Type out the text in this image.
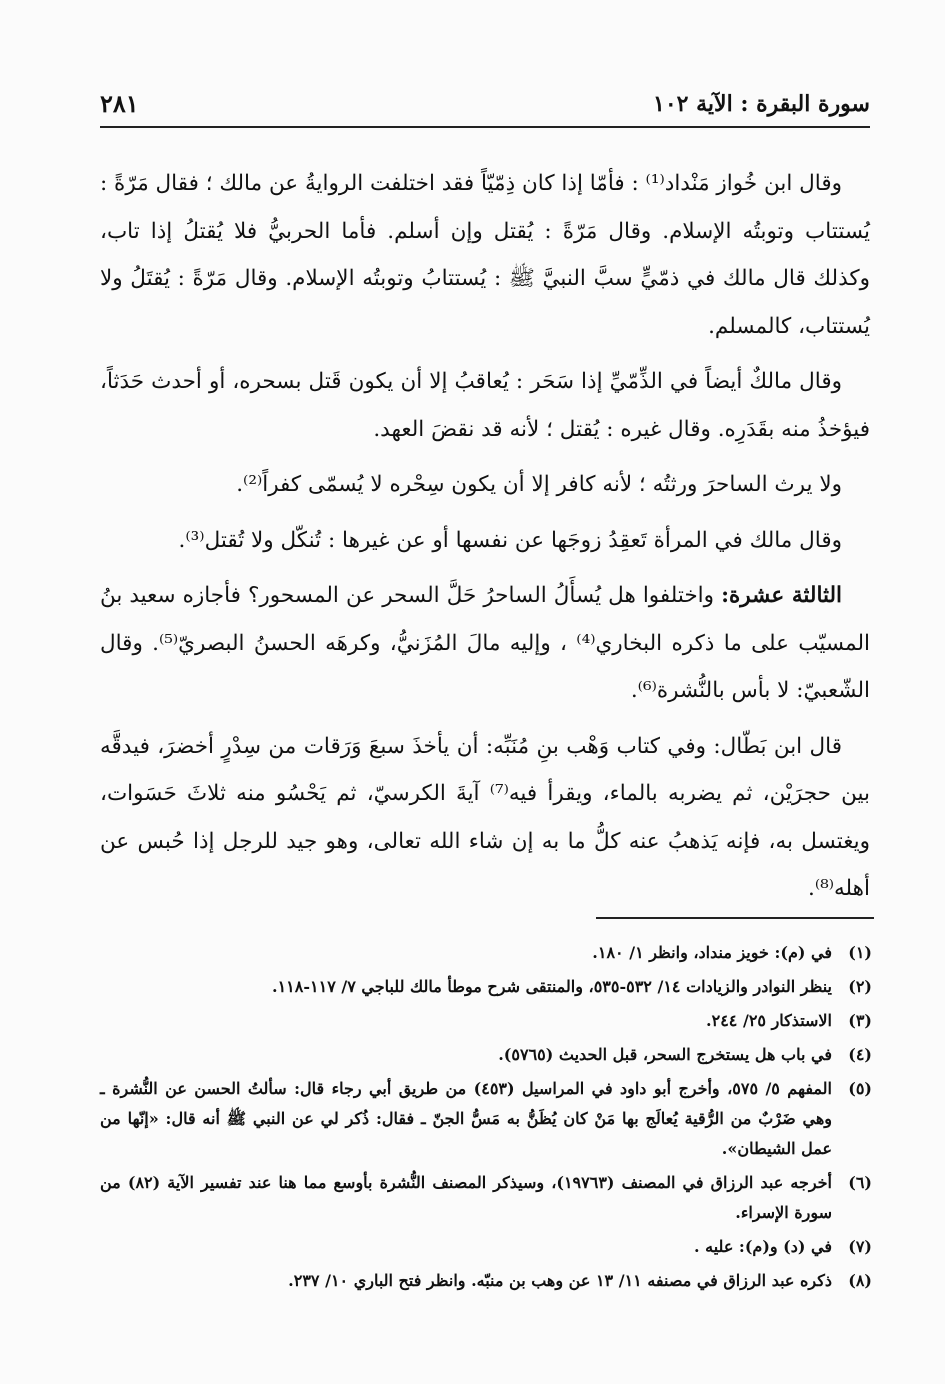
سورة البقرة : الآية ١٠٢
٢٨١

وقال ابن خُواز مَنْداد⁽¹⁾ : فأمّا إذا كان ذِمّيّاً فقد اختلفت الروايةُ عن مالك ؛ فقال مَرّةً : يُستتاب وتوبتُه الإسلام. وقال مَرّةً : يُقتل وإن أسلم. فأما الحربيُّ فلا يُقتلُ إذا تاب، وكذلك قال مالك في ذمّيٍّ سبَّ النبيَّ ﷺ : يُستتابُ وتوبتُه الإسلام. وقال مَرّةً : يُقتَلُ ولا يُستتاب، كالمسلم.

وقال مالكٌ أيضاً في الذِّمّيِّ إذا سَحَر : يُعاقبُ إلا أن يكون قَتل بسحره، أو أحدث حَدَثاً، فيؤخذُ منه بقَدَرِه. وقال غيره : يُقتل ؛ لأنه قد نقضَ العهد.

ولا يرث الساحرَ ورثتُه ؛ لأنه كافر إلا أن يكون سِحْره لا يُسمّى كفراً⁽²⁾.

وقال مالك في المرأة تَعقِدُ زوجَها عن نفسها أو عن غيرها : تُنكّل ولا تُقتل⁽³⁾.

الثالثة عشرة: واختلفوا هل يُسأَلُ الساحرُ حَلَّ السحر عن المسحور؟ فأجازه سعيد بنُ المسيّب على ما ذكره البخاري⁽⁴⁾ ، وإليه مالَ المُزَنيُّ، وكرهَه الحسنُ البصريّ⁽⁵⁾. وقال الشّعبيّ: لا بأس بالنُّشرة⁽⁶⁾.

قال ابن بَطّال: وفي كتاب وَهْب بنِ مُنَبِّه: أن يأخذَ سبعَ وَرَقات من سِدْرٍ أخضرَ، فيدقَّه بين حجرَيْن، ثم يضربه بالماء، ويقرأ فيه⁽⁷⁾ آيةَ الكرسيّ، ثم يَحْسُو منه ثلاثَ حَسَوات، ويغتسل به، فإنه يَذهبُ عنه كلُّ ما به إن شاء الله تعالى، وهو جيد للرجل إذا حُبس عن أهله⁽⁸⁾.

(١)
في (م): خويز منداد، وانظر ١/ ١٨٠.
(٢)
ينظر النوادر والزيادات ١٤/ ٥٣٢-٥٣٥، والمنتقى شرح موطأ مالك للباجي ٧/ ١١٧-١١٨.
(٣)
الاستذكار ٢٥/ ٢٤٤.
(٤)
في باب هل يستخرج السحر، قبل الحديث (٥٧٦٥).
(٥)
المفهم ٥/ ٥٧٥، وأخرج أبو داود في المراسيل (٤٥٣) من طريق أبي رجاء قال: سألتُ الحسن عن النُّشرة ـ وهي ضَرْبٌ من الرُّقية يُعالَج بها مَنْ كان يُظَنُّ به مَسُّ الجنّ ـ فقال: ذُكر لي عن النبي ﷺ أنه قال: «إنّها من عمل الشيطان».
(٦)
أخرجه عبد الرزاق في المصنف (١٩٧٦٣)، وسيذكر المصنف النُّشرة بأوسع مما هنا عند تفسير الآية (٨٢) من سورة الإسراء.
(٧)
في (د) و(م): عليه .
(٨)
ذكره عبد الرزاق في مصنفه ١١/ ١٣ عن وهب بن منبّه. وانظر فتح الباري ١٠/ ٢٣٧.
